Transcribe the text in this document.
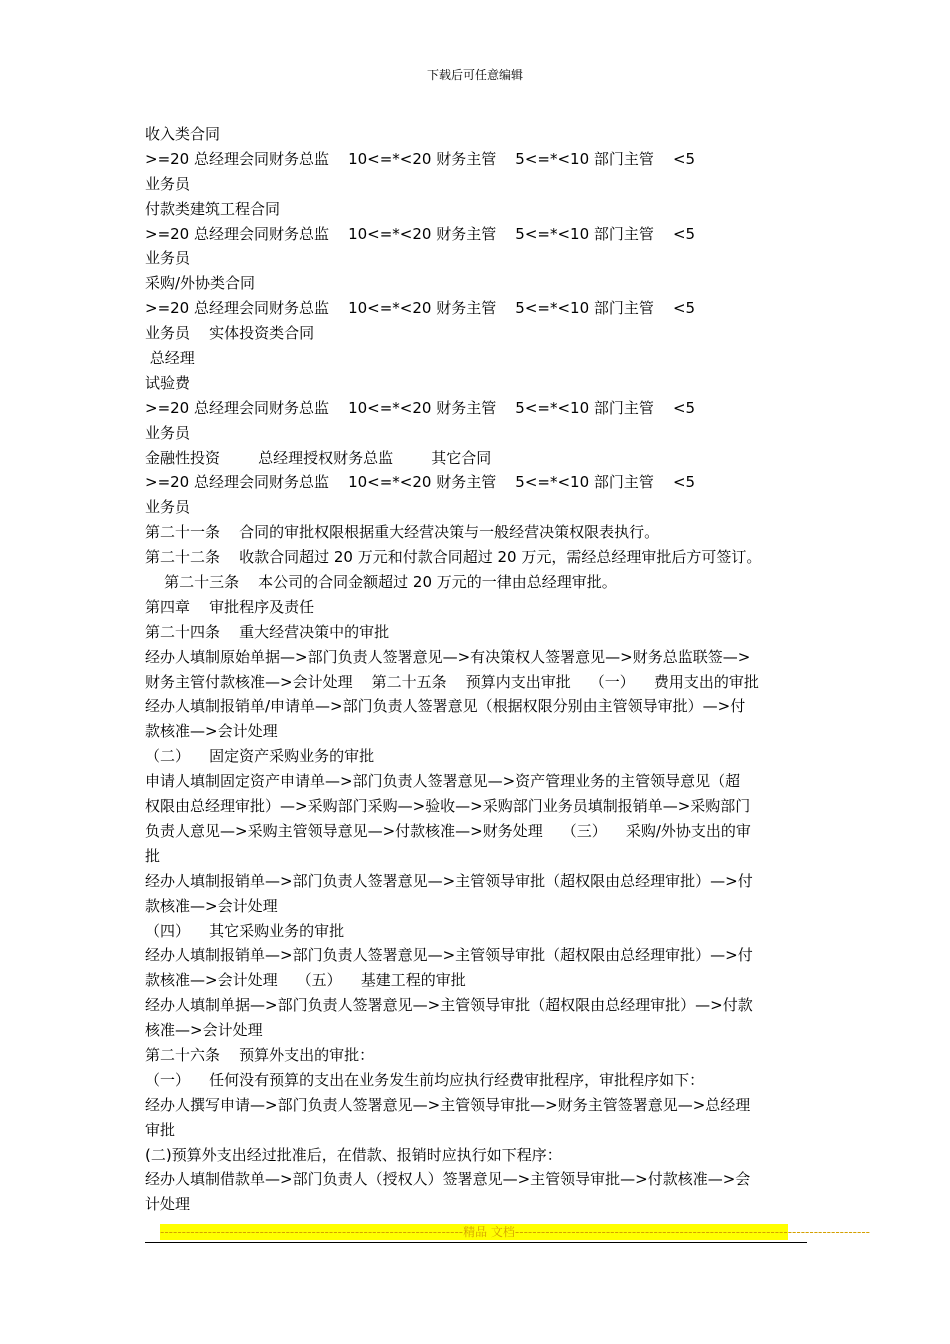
下载后可任意编辑
收入类合同
>=20 总经理会同财务总监    10<=*<20 财务主管    5<=*<10 部门主管    <5
业务员
付款类建筑工程合同
>=20 总经理会同财务总监    10<=*<20 财务主管    5<=*<10 部门主管    <5
业务员
采购/外协类合同
>=20 总经理会同财务总监    10<=*<20 财务主管    5<=*<10 部门主管    <5
业务员    实体投资类合同
总经理
试验费
>=20 总经理会同财务总监    10<=*<20 财务主管    5<=*<10 部门主管    <5
业务员
金融性投资        总经理授权财务总监        其它合同
>=20 总经理会同财务总监    10<=*<20 财务主管    5<=*<10 部门主管    <5
业务员
第二十一条    合同的审批权限根据重大经营决策与一般经营决策权限表执行。
第二十二条    收款合同超过 20 万元和付款合同超过 20 万元，需经总经理审批后方可签订。
第二十三条    本公司的合同金额超过 20 万元的一律由总经理审批。
第四章    审批程序及责任
第二十四条    重大经营决策中的审批
经办人填制原始单据—>部门负责人签署意见—>有决策权人签署意见—>财务总监联签—>
财务主管付款核准—>会计处理    第二十五条    预算内支出审批    （一）    费用支出的审批
经办人填制报销单/申请单—>部门负责人签署意见（根据权限分别由主管领导审批）—>付
款核准—>会计处理
（二）    固定资产采购业务的审批
申请人填制固定资产申请单—>部门负责人签署意见—>资产管理业务的主管领导意见（超
权限由总经理审批）—>采购部门采购—>验收—>采购部门业务员填制报销单—>采购部门
负责人意见—>采购主管领导意见—>付款核准—>财务处理    （三）    采购/外协支出的审
批
经办人填制报销单—>部门负责人签署意见—>主管领导审批（超权限由总经理审批）—>付
款核准—>会计处理
（四）    其它采购业务的审批
经办人填制报销单—>部门负责人签署意见—>主管领导审批（超权限由总经理审批）—>付
款核准—>会计处理    （五）    基建工程的审批
经办人填制单据—>部门负责人签署意见—>主管领导审批（超权限由总经理审批）—>付款
核准—>会计处理
第二十六条    预算外支出的审批：
（一）    任何没有预算的支出在业务发生前均应执行经费审批程序，审批程序如下：
经办人撰写申请—>部门负责人签署意见—>主管领导审批—>财务主管签署意见—>总经理
审批
(二)预算外支出经过批准后，在借款、报销时应执行如下程序：
经办人填制借款单—>部门负责人（授权人）签署意见—>主管领导审批—>付款核准—>会
计处理
----------------------------------------------------------------------精品 文档----------------------------------------------------------------------------------
